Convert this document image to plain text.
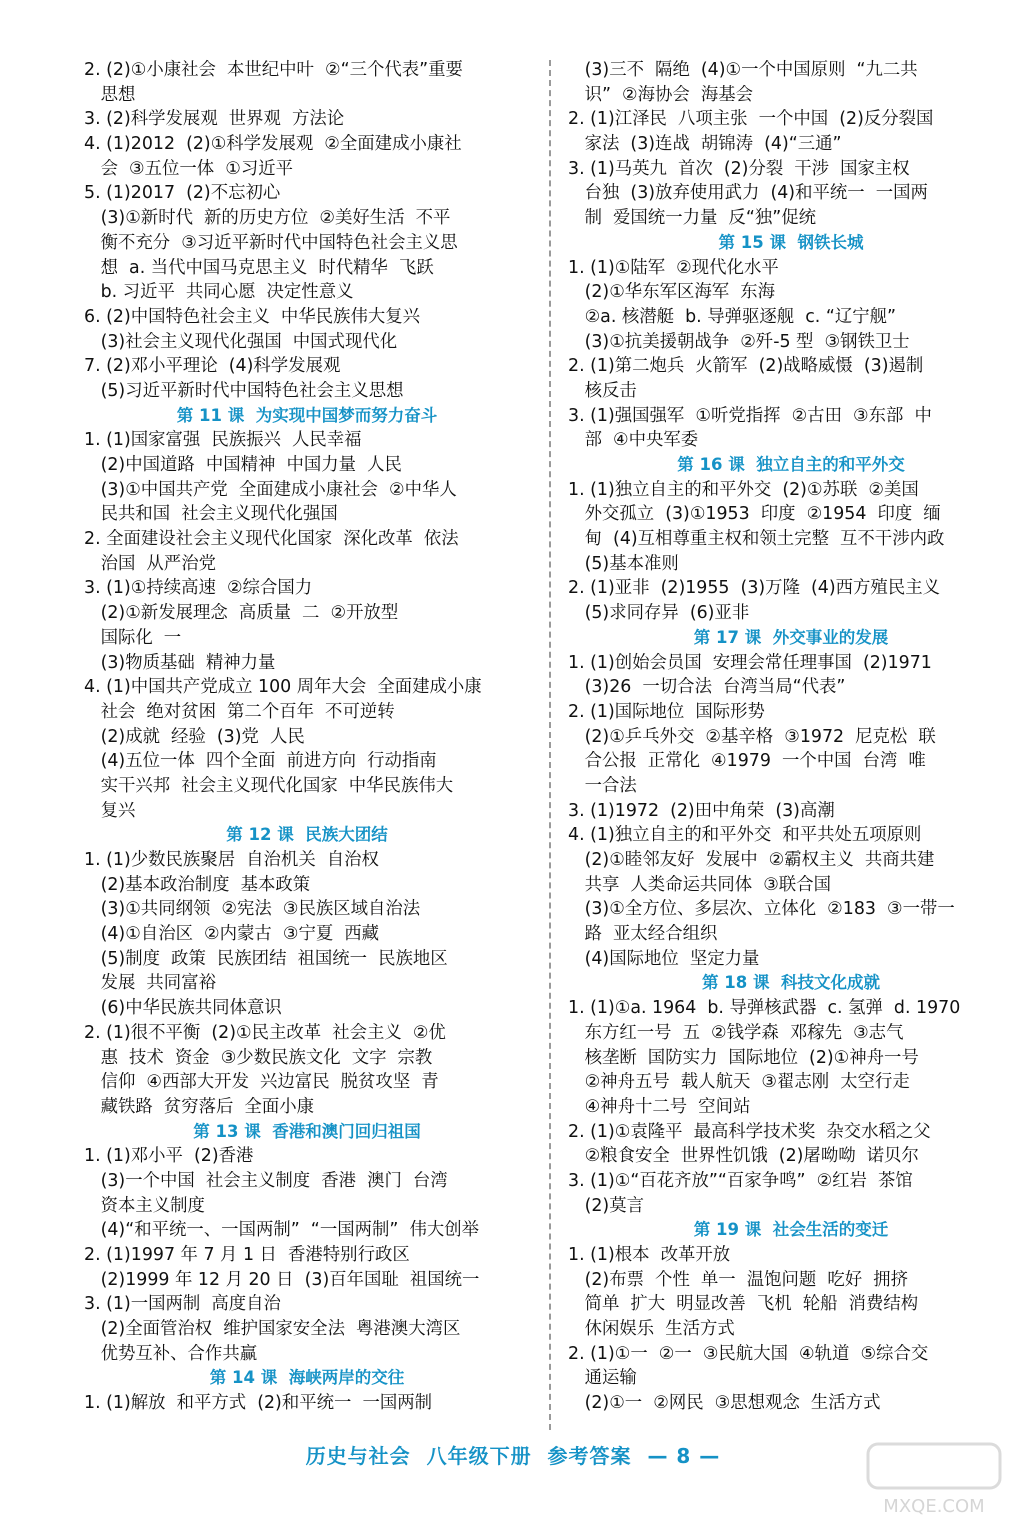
2. (2)①小康社会  本世纪中叶  ②“三个代表”重要
思想
3. (2)科学发展观  世界观  方法论
4. (1)2012  (2)①科学发展观  ②全面建成小康社
会  ③五位一体  ①习近平
5. (1)2017  (2)不忘初心
(3)①新时代  新的历史方位  ②美好生活  不平
衡不充分  ③习近平新时代中国特色社会主义思
想  a. 当代中国马克思主义  时代精华  飞跃
b. 习近平  共同心愿  决定性意义
6. (2)中国特色社会主义  中华民族伟大复兴
(3)社会主义现代化强国  中国式现代化
7. (2)邓小平理论  (4)科学发展观
(5)习近平新时代中国特色社会主义思想
第 11 课  为实现中国梦而努力奋斗
1. (1)国家富强  民族振兴  人民幸福
(2)中国道路  中国精神  中国力量  人民
(3)①中国共产党  全面建成小康社会  ②中华人
民共和国  社会主义现代化强国
2. 全面建设社会主义现代化国家  深化改革  依法
治国  从严治党
3. (1)①持续高速  ②综合国力
(2)①新发展理念  高质量  二  ②开放型
国际化  一
(3)物质基础  精神力量
4. (1)中国共产党成立 100 周年大会  全面建成小康
社会  绝对贫困  第二个百年  不可逆转
(2)成就  经验  (3)党  人民
(4)五位一体  四个全面  前进方向  行动指南
实干兴邦  社会主义现代化国家  中华民族伟大
复兴
第 12 课  民族大团结
1. (1)少数民族聚居  自治机关  自治权
(2)基本政治制度  基本政策
(3)①共同纲领  ②宪法  ③民族区域自治法
(4)①自治区  ②内蒙古  ③宁夏  西藏
(5)制度  政策  民族团结  祖国统一  民族地区
发展  共同富裕
(6)中华民族共同体意识
2. (1)很不平衡  (2)①民主改革  社会主义  ②优
惠  技术  资金  ③少数民族文化  文字  宗教
信仰  ④西部大开发  兴边富民  脱贫攻坚  青
藏铁路  贫穷落后  全面小康
第 13 课  香港和澳门回归祖国
1. (1)邓小平  (2)香港
(3)一个中国  社会主义制度  香港  澳门  台湾
资本主义制度
(4)“和平统一、一国两制”  “一国两制”  伟大创举
2. (1)1997 年 7 月 1 日  香港特别行政区
(2)1999 年 12 月 20 日  (3)百年国耻  祖国统一
3. (1)一国两制  高度自治
(2)全面管治权  维护国家安全法  粤港澳大湾区
优势互补、合作共赢
第 14 课  海峡两岸的交往
1. (1)解放  和平方式  (2)和平统一  一国两制
(3)三不  隔绝  (4)①一个中国原则  “九二共
识”  ②海协会  海基会
2. (1)江泽民  八项主张  一个中国  (2)反分裂国
家法  (3)连战  胡锦涛  (4)“三通”
3. (1)马英九  首次  (2)分裂  干涉  国家主权
台独  (3)放弃使用武力  (4)和平统一  一国两
制  爱国统一力量  反“独”促统
第 15 课  钢铁长城
1. (1)①陆军  ②现代化水平
(2)①华东军区海军  东海
②a. 核潜艇  b. 导弹驱逐舰  c. “辽宁舰”
(3)①抗美援朝战争  ②歼-5 型  ③钢铁卫士
2. (1)第二炮兵  火箭军  (2)战略威慑  (3)遏制
核反击
3. (1)强国强军  ①听党指挥  ②古田  ③东部  中
部  ④中央军委
第 16 课  独立自主的和平外交
1. (1)独立自主的和平外交  (2)①苏联  ②美国
外交孤立  (3)①1953  印度  ②1954  印度  缅
甸  (4)互相尊重主权和领土完整  互不干涉内政
(5)基本准则
2. (1)亚非  (2)1955  (3)万隆  (4)西方殖民主义
(5)求同存异  (6)亚非
第 17 课  外交事业的发展
1. (1)创始会员国  安理会常任理事国  (2)1971
(3)26  一切合法  台湾当局“代表”
2. (1)国际地位  国际形势
(2)①乒乓外交  ②基辛格  ③1972  尼克松  联
合公报  正常化  ④1979  一个中国  台湾  唯
一合法
3. (1)1972  (2)田中角荣  (3)高潮
4. (1)独立自主的和平外交  和平共处五项原则
(2)①睦邻友好  发展中  ②霸权主义  共商共建
共享  人类命运共同体  ③联合国
(3)①全方位、多层次、立体化  ②183  ③一带一
路  亚太经合组织
(4)国际地位  坚定力量
第 18 课  科技文化成就
1. (1)①a. 1964  b. 导弹核武器  c. 氢弹  d. 1970
东方红一号  五  ②钱学森  邓稼先  ③志气
核垄断  国防实力  国际地位  (2)①神舟一号
②神舟五号  载人航天  ③翟志刚  太空行走
④神舟十二号  空间站
2. (1)①袁隆平  最高科学技术奖  杂交水稻之父
②粮食安全  世界性饥饿  (2)屠呦呦  诺贝尔
3. (1)①“百花齐放”“百家争鸣”  ②红岩  茶馆
(2)莫言
第 19 课  社会生活的变迁
1. (1)根本  改革开放
(2)布票  个性  单一  温饱问题  吃好  拥挤
简单  扩大  明显改善  飞机  轮船  消费结构
休闲娱乐  生活方式
2. (1)①一  ②一  ③民航大国  ④轨道  ⑤综合交
通运输
(2)①一  ②网民  ③思想观念  生活方式
历史与社会  八年级下册  参考答案  — 8 —
MXQE.COM
